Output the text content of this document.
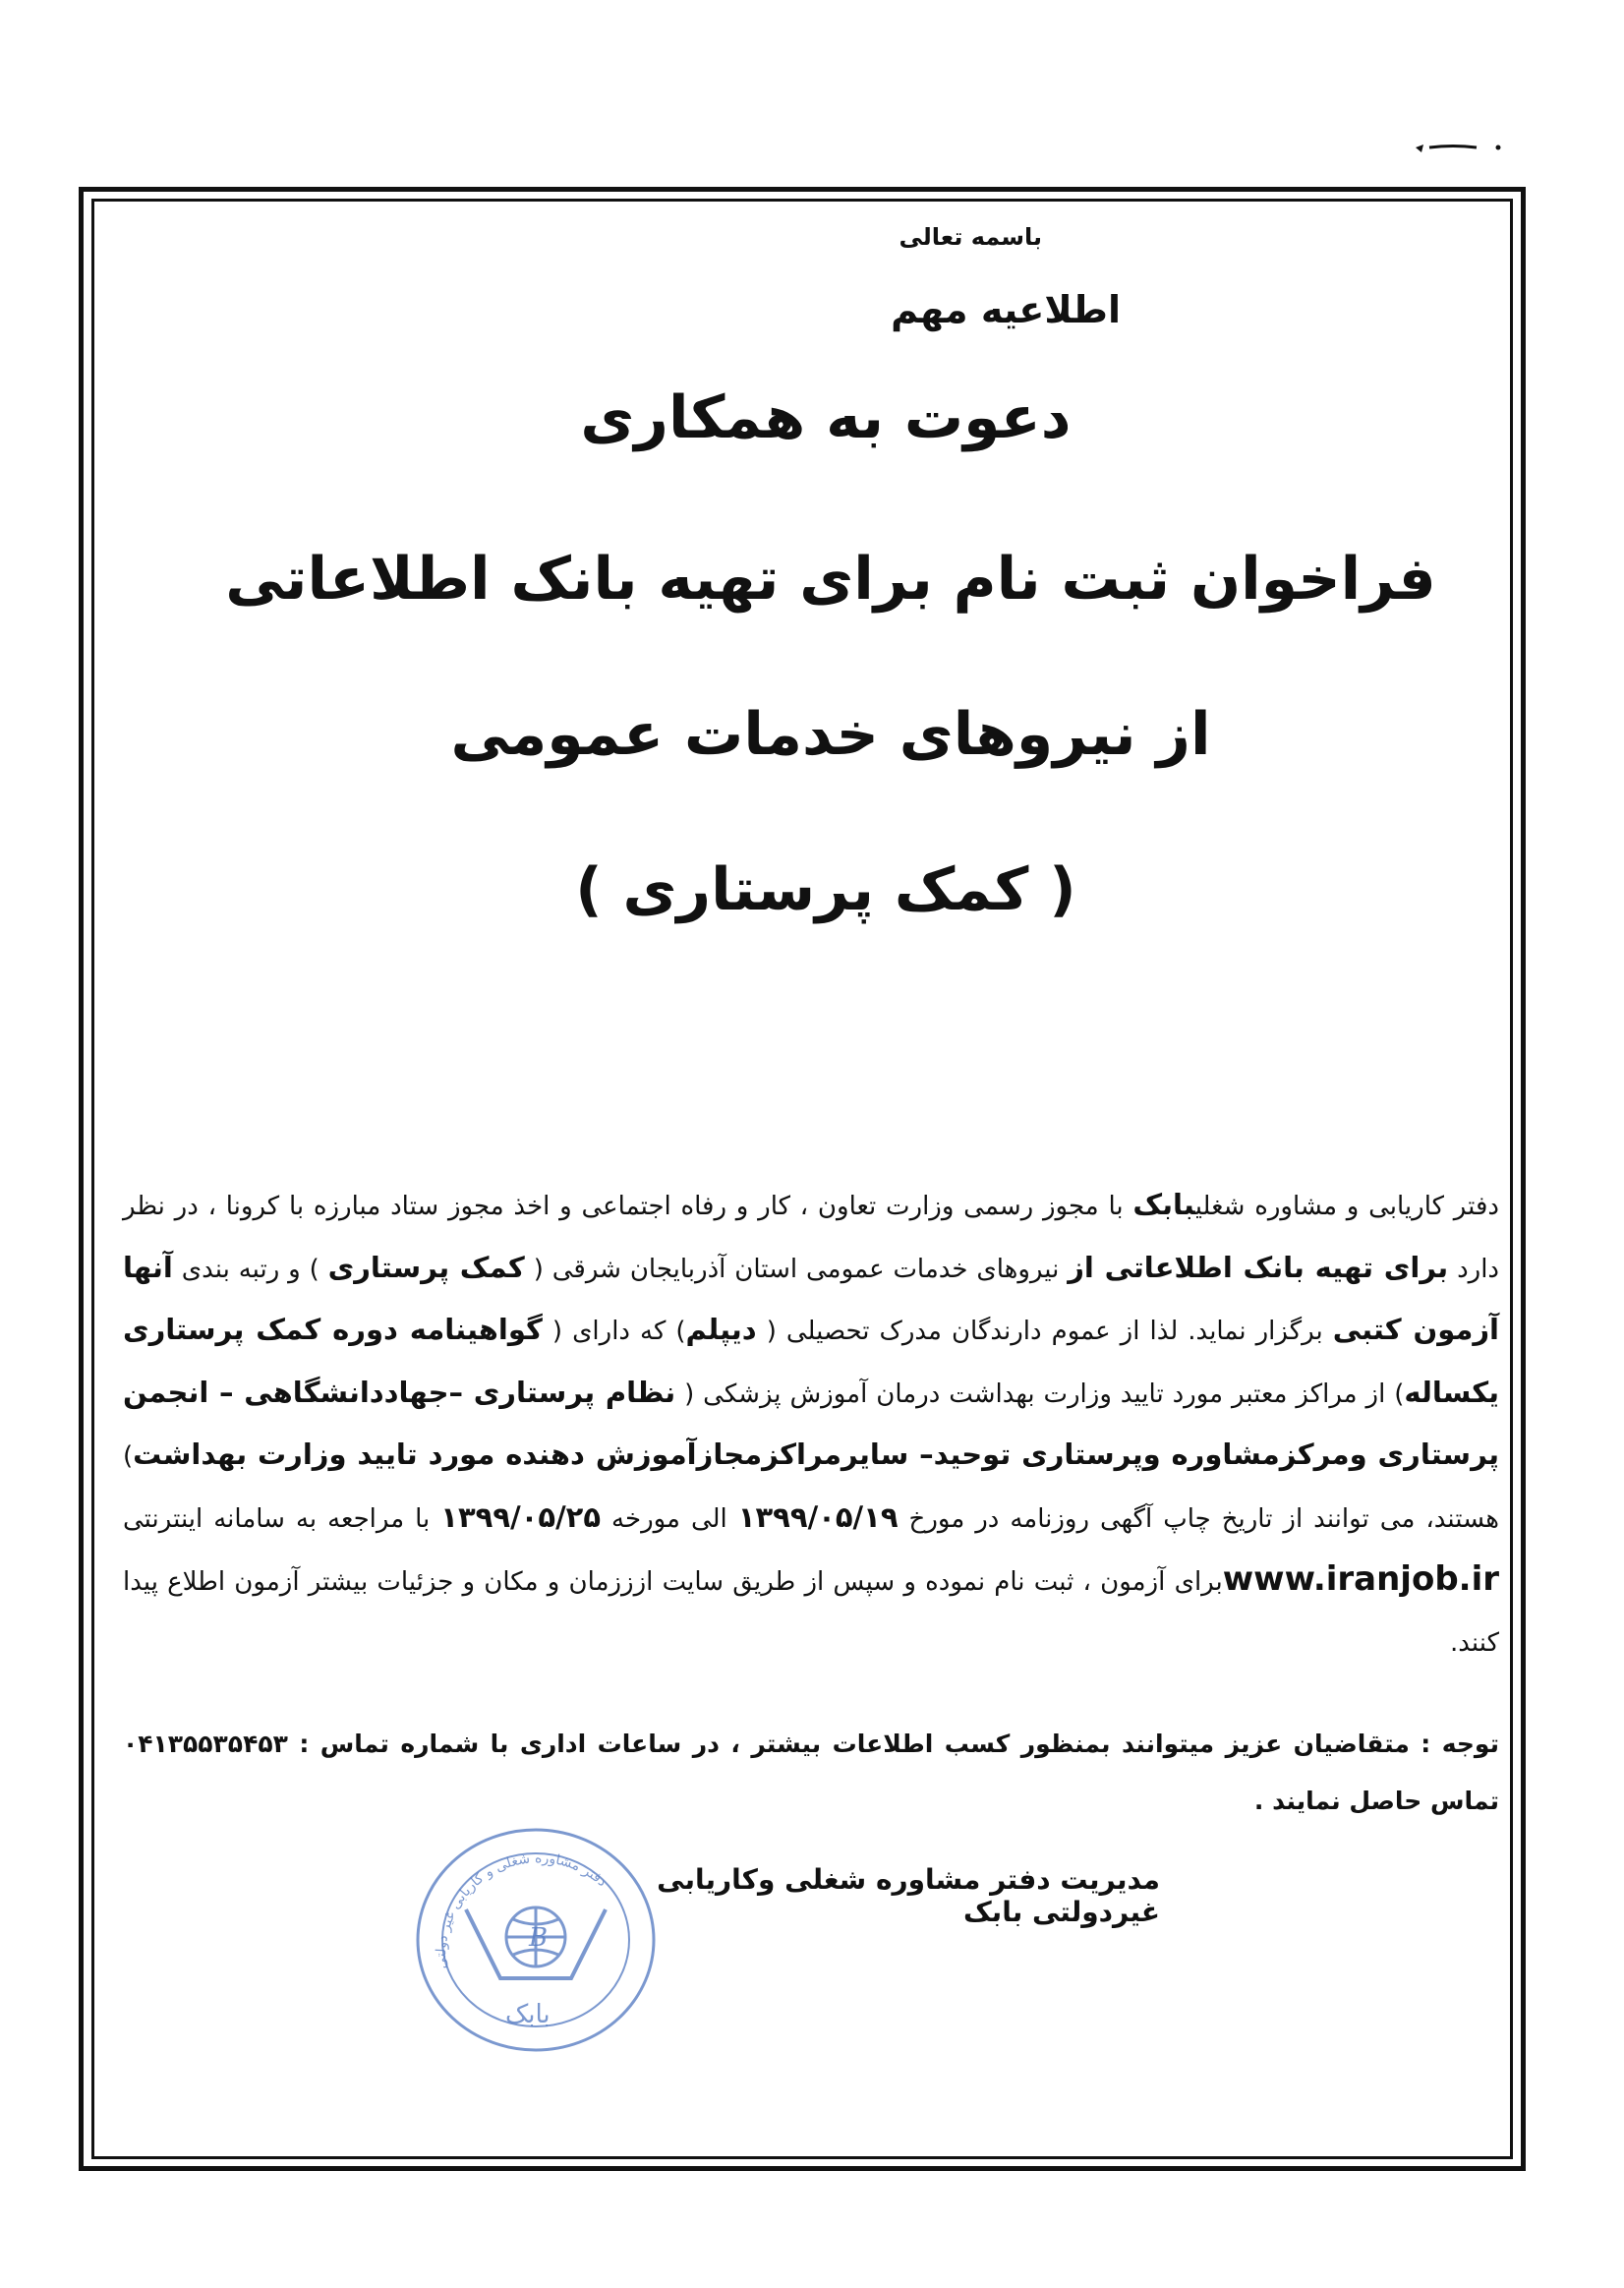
باسمه تعالی
اطلاعیه مهم
دعوت به همکاری
فراخوان ثبت نام برای تهیه بانک اطلاعاتی
از نیروهای خدمات عمومی
( کمک پرستاری )
دفتر کاریابی و مشاوره شغلیبابک با مجوز رسمی وزارت تعاون ، کار و رفاه اجتماعی و اخذ مجوز ستاد مبارزه با کرونا ، در نظر دارد برای تهیه بانک اطلاعاتی از نیروهای خدمات عمومی استان آذربایجان شرقی ( کمک پرستاری ) و رتبه بندی آنها آزمون کتبی برگزار نماید. لذا از عموم دارندگان مدرک تحصیلی ( دیپلم) که دارای ( گواهینامه دوره کمک پرستاری یکساله) از مراکز معتبر مورد تایید وزارت بهداشت درمان آموزش پزشکی ( نظام پرستاری –جهاددانشگاهی – انجمن پرستاری ومرکزمشاوره وپرستاری توحید– سایرمراکزمجازآموزش دهنده مورد تایید وزارت بهداشت) هستند، می توانند از تاریخ چاپ آگهی روزنامه در مورخ ۱۳۹۹/۰۵/۱۹ الی مورخه ۱۳۹۹/۰۵/۲۵ با مراجعه به سامانه اینترنتی www.iranjob.irبرای آزمون ، ثبت نام نموده و سپس از طریق سایت ازززمان و مکان و جزئیات بیشتر آزمون اطلاع پیدا کنند.
توجه : متقاضیان عزیز میتوانند بمنظور کسب اطلاعات بیشتر ، در ساعات اداری با شماره تماس : ۰۴۱۳۵۵۳۵۴۵۳ تماس حاصل نمایند .
دفتر مشاوره شغلی و کاریابی غیر دولتی
B
بابک
مدیریت دفتر مشاوره شغلی وکاریابی غیردولتی بابک
